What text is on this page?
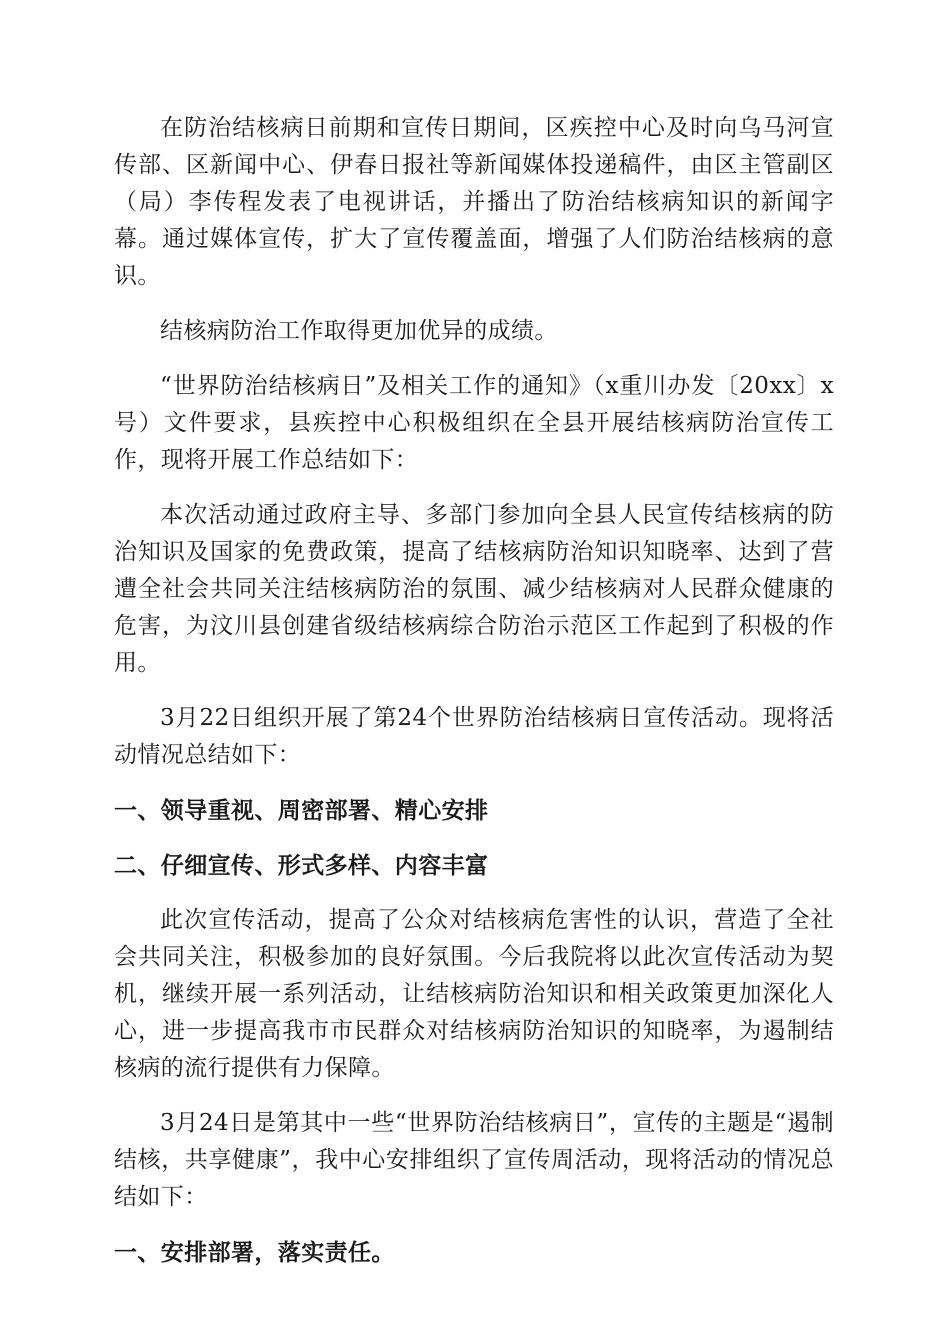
在防治结核病日前期和宣传日期间，区疾控中心及时向乌马河宣传部、区新闻中心、伊春日报社等新闻媒体投递稿件，由区主管副区（局）李传程发表了电视讲话，并播出了防治结核病知识的新闻字幕。通过媒体宣传，扩大了宣传覆盖面，增强了人们防治结核病的意识。

结核病防治工作取得更加优异的成绩。

“世界防治结核病日”及相关工作的通知》（x重川办发〔20xx〕x号）文件要求，县疾控中心积极组织在全县开展结核病防治宣传工作，现将开展工作总结如下：

本次活动通过政府主导、多部门参加向全县人民宣传结核病的防治知识及国家的免费政策，提高了结核病防治知识知晓率、达到了营遭全社会共同关注结核病防治的氛围、减少结核病对人民群众健康的危害，为汶川县创建省级结核病综合防治示范区工作起到了积极的作用。

3月22日组织开展了第24个世界防治结核病日宣传活动。现将活动情况总结如下：

一、领导重视、周密部署、精心安排

二、仔细宣传、形式多样、内容丰富

此次宣传活动，提高了公众对结核病危害性的认识，营造了全社会共同关注，积极参加的良好氛围。今后我院将以此次宣传活动为契机，继续开展一系列活动，让结核病防治知识和相关政策更加深化人心，进一步提高我市市民群众对结核病防治知识的知晓率，为遏制结核病的流行提供有力保障。

3月24日是第其中一些“世界防治结核病日”，宣传的主题是“遏制结核，共享健康”，我中心安排组织了宣传周活动，现将活动的情况总结如下：

一、安排部署，落实责任。
